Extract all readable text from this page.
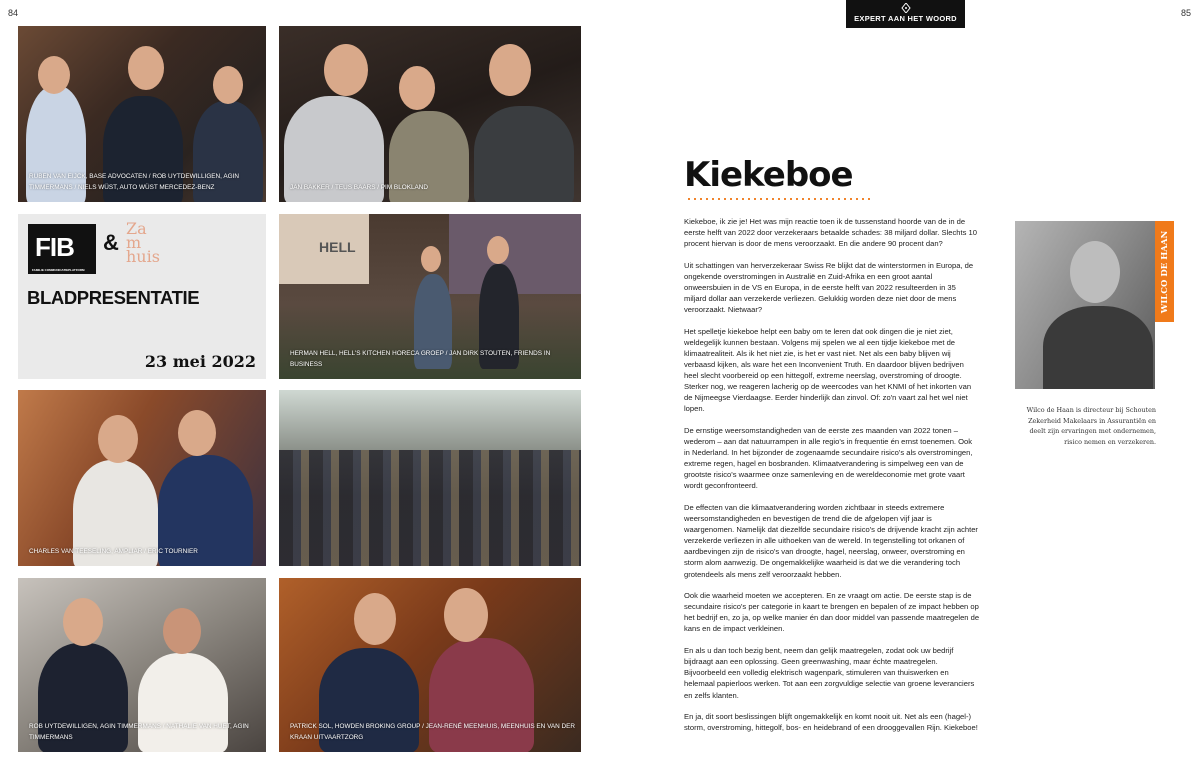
84	85
EXPERT AAN HET WOORD
RUBEN VAN EIJCK, BASE ADVOCATEN / ROB UYTDEWILLIGEN, AGIN TIMMERMANS / NIELS WÜST, AUTO WÜST MERCEDEZ-BENZ	JAN BAKKER / TEUS BAARS / PIM BLOKLAND
FIB
FAMILIE COMMUNICATIEPLATFORM
&
Za
m
huis
BLADPRESENTATIE
23 mei 2022
HELL
HERMAN HELL, HELL'S KITCHEN HORECA GROEP / JAN DIRK STOUTEN, FRIENDS IN BUSINESS
CHARLES VAN TEESELING, AMPLIAR / ERIC TOURNIER
ROB UYTDEWILLIGEN, AGIN TIMMERMANS / NATHALIE VAN HUET, AGIN TIMMERMANS
PATRICK SOL, HOWDEN BROKING GROUP / JEAN-RENÉ MEENHUIS, MEENHUIS EN VAN DER KRAAN UITVAARTZORG
Kiekeboe

Kiekeboe, ik zie je! Het was mijn reactie toen ik de tussenstand hoorde van de in de eerste helft van 2022 door verzekeraars betaalde schades: 38 miljard dollar. Slechts 10 procent hiervan is door de mens veroorzaakt. En die andere 90 procent dan?

Uit schattingen van herverzekeraar Swiss Re blijkt dat de winterstormen in Europa, de ongekende overstromingen in Australië en Zuid-Afrika en een groot aantal onweersbuien in de VS en Europa, in de eerste helft van 2022 resulteerden in 35 miljard dollar aan verzekerde verliezen. Gelukkig worden deze niet door de mens veroorzaakt. Nietwaar?

Het spelletje kiekeboe helpt een baby om te leren dat ook dingen die je niet ziet, weldegelijk kunnen bestaan. Volgens mij spelen we al een tijdje kiekeboe met de klimaatrealiteit. Als ik het niet zie, is het er vast niet. Net als een baby blijven wij verbaasd kijken, als ware het een Inconvenient Truth. En daardoor blijven bedrijven heel slecht voorbereid op een hittegolf, extreme neerslag, overstroming of droogte. Sterker nog, we reageren lacherig op de weercodes van het KNMI of het inkorten van de Nijmeegse Vierdaagse. Eerder hinderlijk dan zinvol. Of: zo'n vaart zal het wel niet lopen.

De ernstige weersomstandigheden van de eerste zes maanden van 2022 tonen – wederom – aan dat natuurrampen in alle regio's in frequentie én ernst toenemen. Ook in Nederland. In het bijzonder de zogenaamde secundaire risico's als overstromingen, extreme regen, hagel en bosbranden. Klimaatverandering is simpelweg een van de grootste risico's waarmee onze samenleving en de wereldeconomie met grote vaart wordt geconfronteerd.

De effecten van die klimaatverandering worden zichtbaar in steeds extremere weersomstandigheden en bevestigen de trend die de afgelopen vijf jaar is waargenomen. Namelijk dat diezelfde secundaire risico's de drijvende kracht zijn achter verzekerde verliezen in alle uithoeken van de wereld. In tegenstelling tot orkanen of aardbevingen zijn de risico's van droogte, hagel, neerslag, onweer, overstroming en storm alom aanwezig. De ongemakkelijke waarheid is dat we die verandering toch grotendeels als mens zelf veroorzaakt hebben.

Ook die waarheid moeten we accepteren. En ze vraagt om actie. De eerste stap is de secundaire risico's per categorie in kaart te brengen en bepalen of ze impact hebben op het bedrijf en, zo ja, op welke manier én dan door middel van passende maatregelen de kans en de impact verkleinen.

En als u dan toch bezig bent, neem dan gelijk maatregelen, zodat ook uw bedrijf bijdraagt aan een oplossing. Geen greenwashing, maar échte maatregelen. Bijvoorbeeld een volledig elektrisch wagenpark, stimuleren van thuiswerken en helemaal papierloos werken. Tot aan een zorgvuldige selectie van groene leveranciers en zelfs klanten.

En ja, dit soort beslissingen blijft ongemakkelijk en komt nooit uit. Net als een (hagel-) storm, overstroming, hittegolf, bos- en heidebrand of een drooggevallen Rijn. Kiekeboe!

WILCO DE HAAN
Wilco de Haan is directeur bij Schouten Zekerheid Makelaars in Assurantiën en deelt zijn ervaringen met ondernemen, risico nemen en verzekeren.
